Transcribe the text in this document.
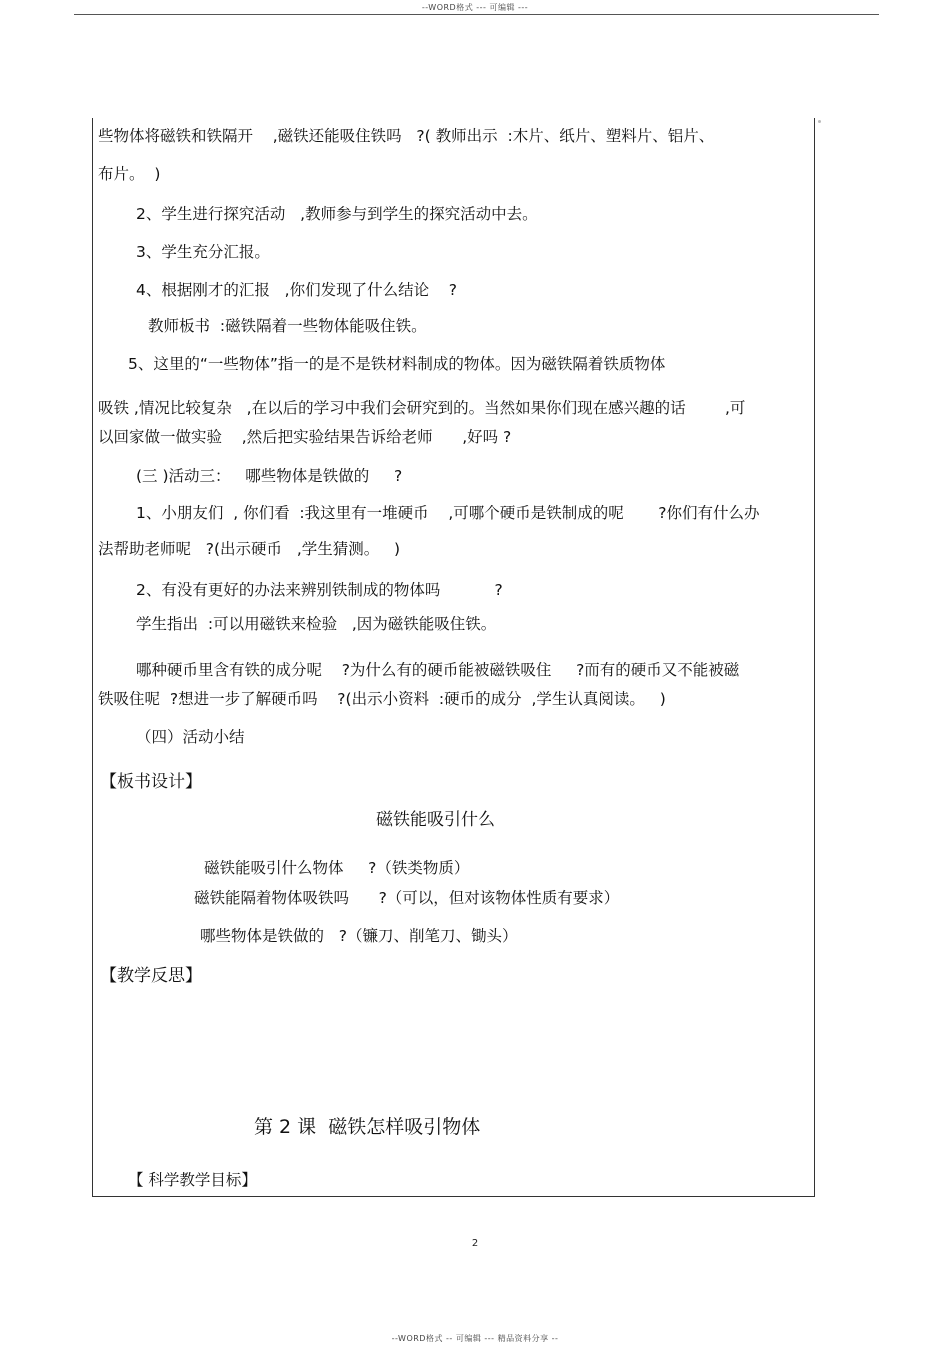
--WORD格式 --- 可编辑 ---
些物体将磁铁和铁隔开    ,磁铁还能吸住铁吗   ?( 教师出示  :木片、纸片、塑料片、铝片、
布片。  )
2、学生进行探究活动   ,教师参与到学生的探究活动中去。
3、学生充分汇报。
4、根据刚才的汇报   ,你们发现了什么结论    ?
教师板书  :磁铁隔着一些物体能吸住铁。
5、这里的“一些物体”指一的是不是铁材料制成的物体。因为磁铁隔着铁质物体
吸铁 ,情况比较复杂   ,在以后的学习中我们会研究到的。当然如果你们现在感兴趣的话        ,可
以回家做一做实验    ,然后把实验结果告诉给老师      ,好吗 ?
(三 )活动三：   哪些物体是铁做的     ?
1、小朋友们  , 你们看  :我这里有一堆硬币    ,可哪个硬币是铁制成的呢       ?你们有什么办
法帮助老师呢   ?(出示硬币   ,学生猜测。   )
2、有没有更好的办法来辨别铁制成的物体吗           ?
学生指出  :可以用磁铁来检验   ,因为磁铁能吸住铁。
哪种硬币里含有铁的成分呢    ?为什么有的硬币能被磁铁吸住     ?而有的硬币又不能被磁
铁吸住呢  ?想进一步了解硬币吗    ?(出示小资料  :硬币的成分  ,学生认真阅读。   )
（四）活动小结
【板书设计】
磁铁能吸引什么
磁铁能吸引什么物体     ?（铁类物质）
磁铁能隔着物体吸铁吗      ?（可以，但对该物体性质有要求）
哪些物体是铁做的   ?（镰刀、削笔刀、锄头）
【教学反思】
第 2 课  磁铁怎样吸引物体
【 科学教学目标】
2
--WORD格式 -- 可编辑 --- 精品资料分享 --
